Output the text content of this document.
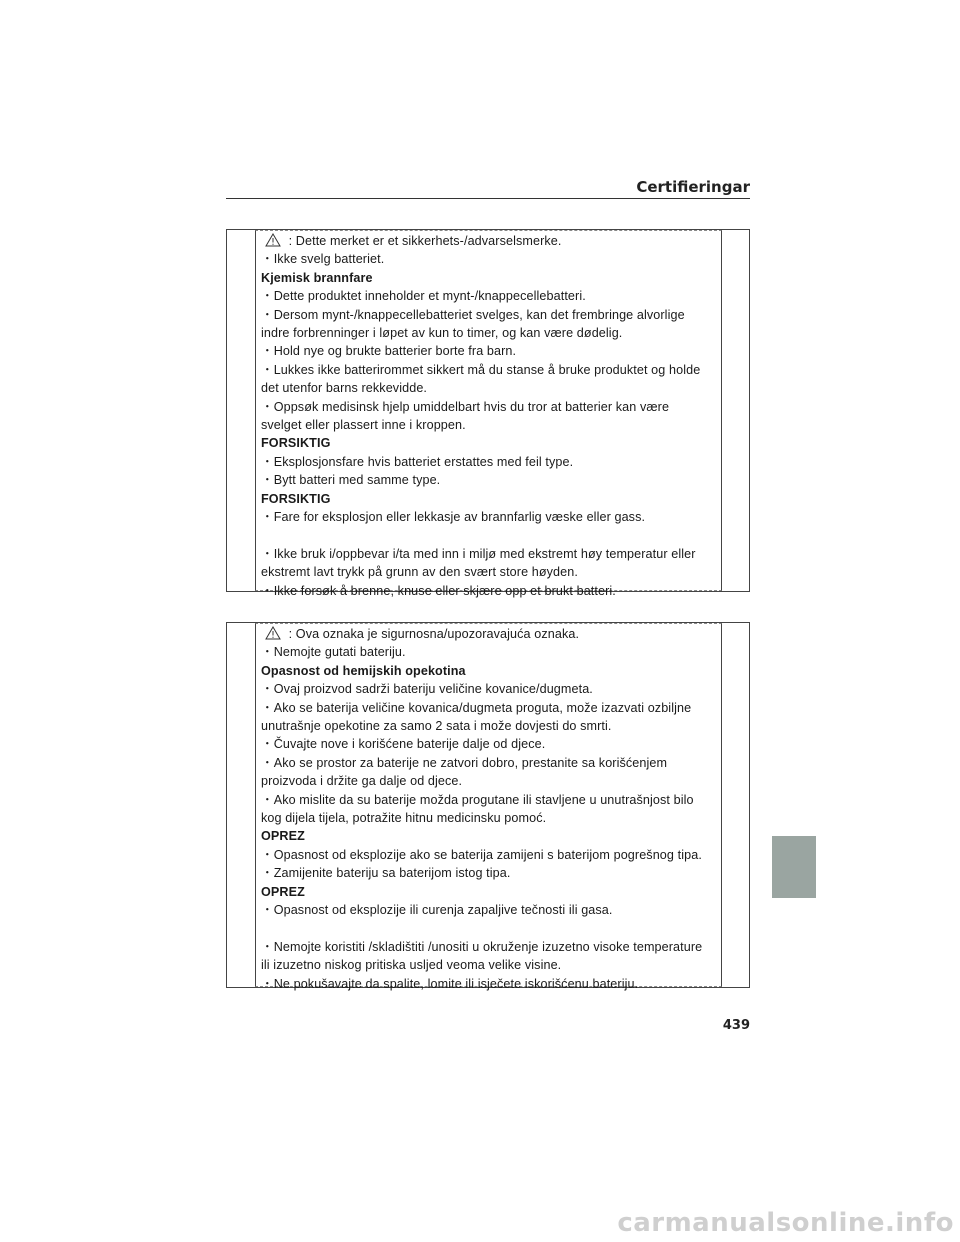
Certifieringar
: Dette merket er et sikkerhets-/advarselsmerke.
・Ikke svelg batteriet.
Kjemisk brannfare
・Dette produktet inneholder et mynt-/knappecellebatteri.
・Dersom mynt-/knappecellebatteriet svelges, kan det frembringe alvorlige
indre forbrenninger i løpet av kun to timer, og kan være dødelig.
・Hold nye og brukte batterier borte fra barn.
・Lukkes ikke batterirommet sikkert må du stanse å bruke produktet og holde
det utenfor barns rekkevidde.
・Oppsøk medisinsk hjelp umiddelbart hvis du tror at batterier kan være
svelget eller plassert inne i kroppen.
FORSIKTIG
・Eksplosjonsfare hvis batteriet erstattes med feil type.
・Bytt batteri med samme type.
FORSIKTIG
・Fare for eksplosjon eller lekkasje av brannfarlig væske eller gass.
・Ikke bruk i/oppbevar i/ta med inn i miljø med ekstremt høy temperatur eller
ekstremt lavt trykk på grunn av den svært store høyden.
・Ikke forsøk å brenne, knuse eller skjære opp et brukt batteri.
: Ova oznaka je sigurnosna/upozoravajuća oznaka.
・Nemojte gutati bateriju.
Opasnost od hemijskih opekotina
・Ovaj proizvod sadrži bateriju veličine kovanice/dugmeta.
・Ako se baterija veličine kovanica/dugmeta proguta, može izazvati ozbiljne
unutrašnje opekotine za samo 2 sata i može dovjesti do smrti.
・Čuvajte nove i korišćene baterije dalje od djece.
・Ako se prostor za baterije ne zatvori dobro, prestanite sa korišćenjem
proizvoda i držite ga dalje od djece.
・Ako mislite da su baterije možda progutane ili stavljene u unutrašnjost bilo
kog dijela tijela, potražite hitnu medicinsku pomoć.
OPREZ
・Opasnost od eksplozije ako se baterija zamijeni s baterijom pogrešnog tipa.
・Zamijenite bateriju sa baterijom istog tipa.
OPREZ
・Opasnost od eksplozije ili curenja zapaljive tečnosti ili gasa.
・Nemojte koristiti /skladištiti /unositi u okruženje izuzetno visoke temperature
ili izuzetno niskog pritiska usljed veoma velike visine.
・Ne pokušavajte da spalite, lomite ili isječete iskorišćenu bateriju.
439
carmanualsonline.info
